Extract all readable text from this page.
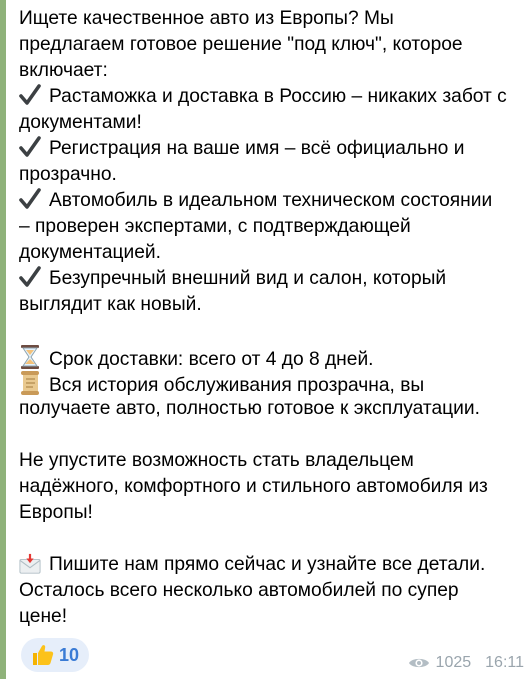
Ищете качественное авто из Европы? Мы
предлагаем готовое решение "под ключ", которое
включает:
Растаможка и доставка в Россию – никаких забот с
документами!
Регистрация на ваше имя – всё официально и
прозрачно.
Автомобиль в идеальном техническом состоянии
– проверен экспертами, с подтверждающей
документацией.
Безупречный внешний вид и салон, который
выглядит как новый.
Срок доставки: всего от 4 до 8 дней.
Вся история обслуживания прозрачна, вы
получаете авто, полностью готовое к эксплуатации.
Не упустите возможность стать владельцем
надёжного, комфортного и стильного автомобиля из
Европы!
Пишите нам прямо сейчас и узнайте все детали.
Осталось всего несколько автомобилей по супер
цене!
10	1025 16:11
